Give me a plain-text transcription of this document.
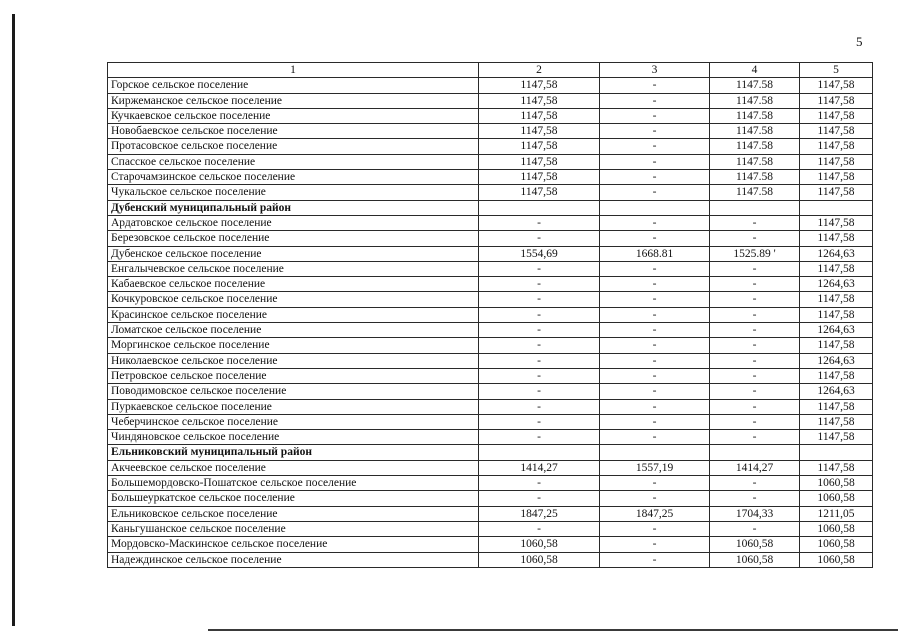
5
1	2	3	4	5
Горское сельское поселение	1147,58	-	1147.58	1147,58
Киржеманское сельское поселение	1147,58	-	1147.58	1147,58
Кучкаевское сельское поселение	1147,58	-	1147.58	1147,58
Новобаевское сельское поселение	1147,58	-	1147.58	1147,58
Протасовское сельское поселение	1147,58	-	1147.58	1147,58
Спасское сельское поселение	1147,58	-	1147.58	1147,58
Старочамзинское сельское поселение	1147,58	-	1147.58	1147,58
Чукальское сельское поселение	1147,58	-	1147.58	1147,58
Дубенский муниципальный район				
Ардатовское сельское поселение	-	-	-	1147,58
Березовское сельское поселение	-	-	-	1147,58
Дубенское сельское поселение	1554,69	1668.81	1525.89 '	1264,63
Енгалычевское сельское поселение	-	-	-	1147,58
Кабаевское сельское поселение	-	-	-	1264,63
Кочкуровское сельское поселение	-	-	-	1147,58
Красинское сельское поселение	-	-	-	1147,58
Ломатское сельское поселение	-	-	-	1264,63
Моргинское сельское поселение	-	-	-	1147,58
Николаевское сельское поселение	-	-	-	1264,63
Петровское сельское поселение	-	-	-	1147,58
Поводимовское сельское поселение	-	-	-	1264,63
Пуркаевское сельское поселение	-	-	-	1147,58
Чеберчинское сельское поселение	-	-	-	1147,58
Чиндяновское сельское поселение	-	-	-	1147,58
Ельниковский муниципальный район				
Акчеевское сельское поселение	1414,27	1557,19	1414,27	1147,58
Большемордовско-Пошатское сельское поселение	-	-	-	1060,58
Большеуркатское сельское поселение	-	-	-	1060,58
Ельниковское сельское поселение	1847,25	1847,25	1704,33	1211,05
Каньгушанское сельское поселение	-	-	-	1060,58
Мордовско-Маскинское сельское поселение	1060,58	-	1060,58	1060,58
Надеждинское сельское поселение	1060,58	-	1060,58	1060,58
